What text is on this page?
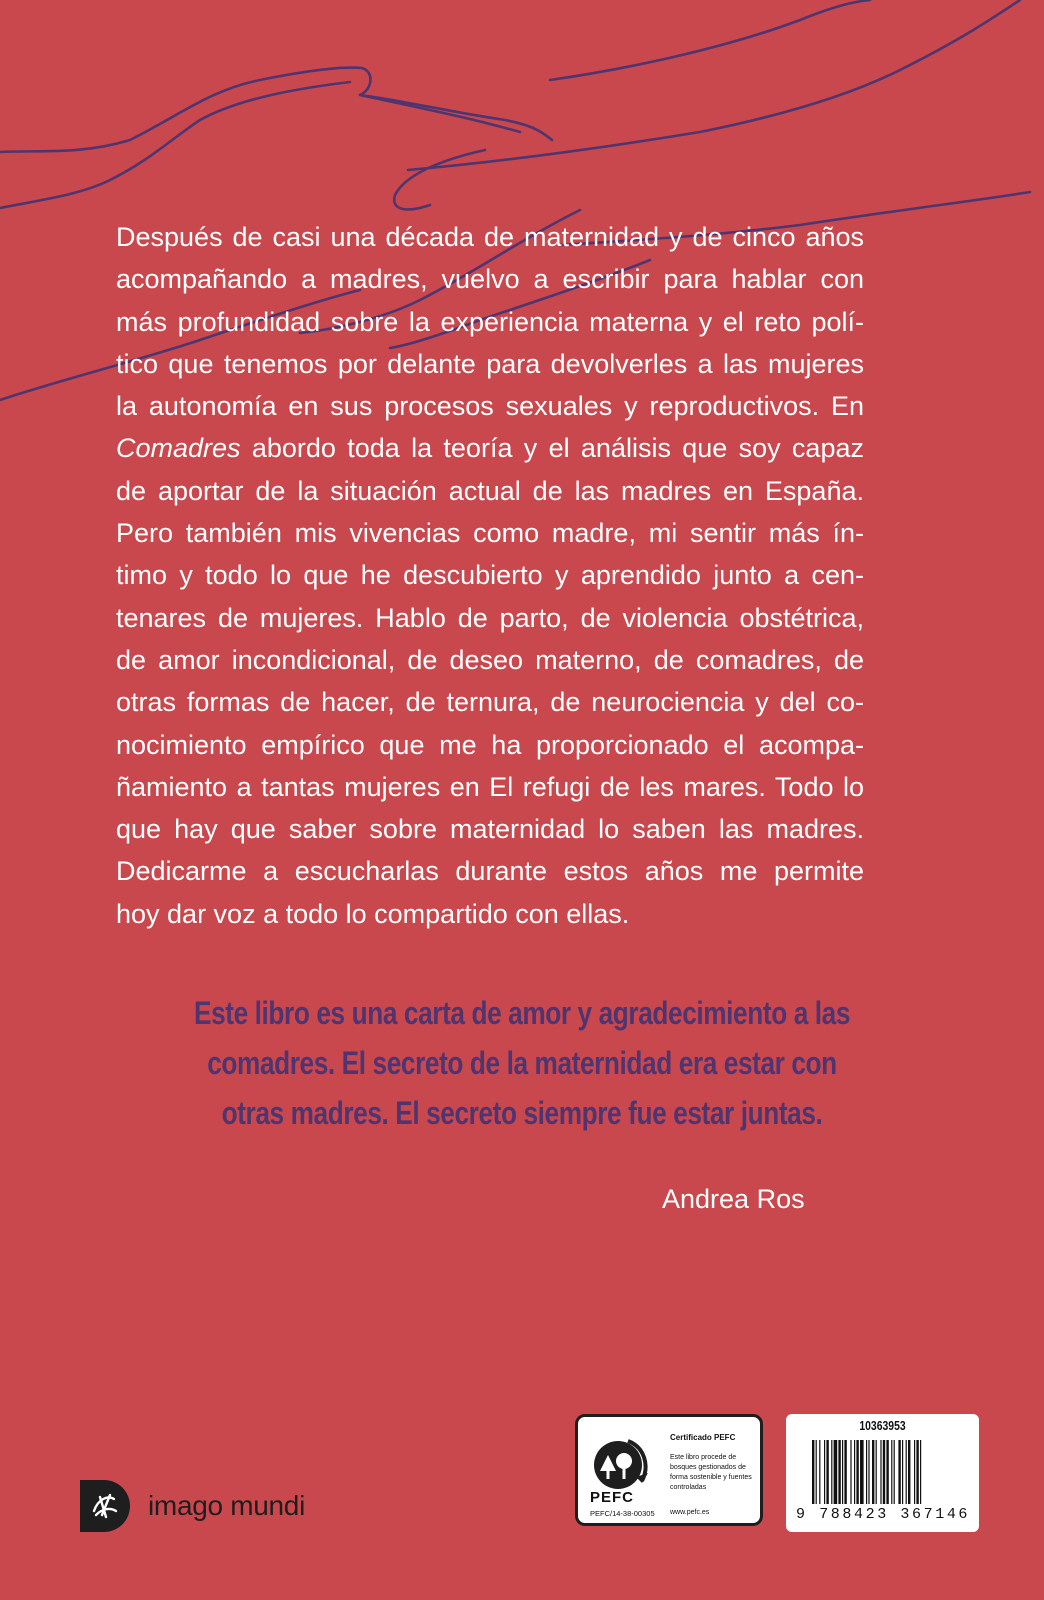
Después de casi una década de maternidad y de cinco años
acompañando a madres, vuelvo a escribir para hablar con
más profundidad sobre la experiencia materna y el reto polí-
tico que tenemos por delante para devolverles a las mujeres
la autonomía en sus procesos sexuales y reproductivos. En
Comadres abordo toda la teoría y el análisis que soy capaz
de aportar de la situación actual de las madres en España.
Pero también mis vivencias como madre, mi sentir más ín-
timo y todo lo que he descubierto y aprendido junto a cen-
tenares de mujeres. Hablo de parto, de violencia obstétrica,
de amor incondicional, de deseo materno, de comadres, de
otras formas de hacer, de ternura, de neurociencia y del co-
nocimiento empírico que me ha proporcionado el acompa-
ñamiento a tantas mujeres en El refugi de les mares. Todo lo
que hay que saber sobre maternidad lo saben las madres.
Dedicarme a escucharlas durante estos años me permite
hoy dar voz a todo lo compartido con ellas.
Este libro es una carta de amor y agradecimiento a las
comadres. El secreto de la maternidad era estar con
otras madres. El secreto siempre fue estar juntas.
Andrea Ros
imago mundi	PEFC
PEFC/14-38-00305
Certificado PEFC
Este libro procede de bosques gestionados de forma sostenible y fuentes controladas
www.pefc.es
10363953
9 788423 367146
